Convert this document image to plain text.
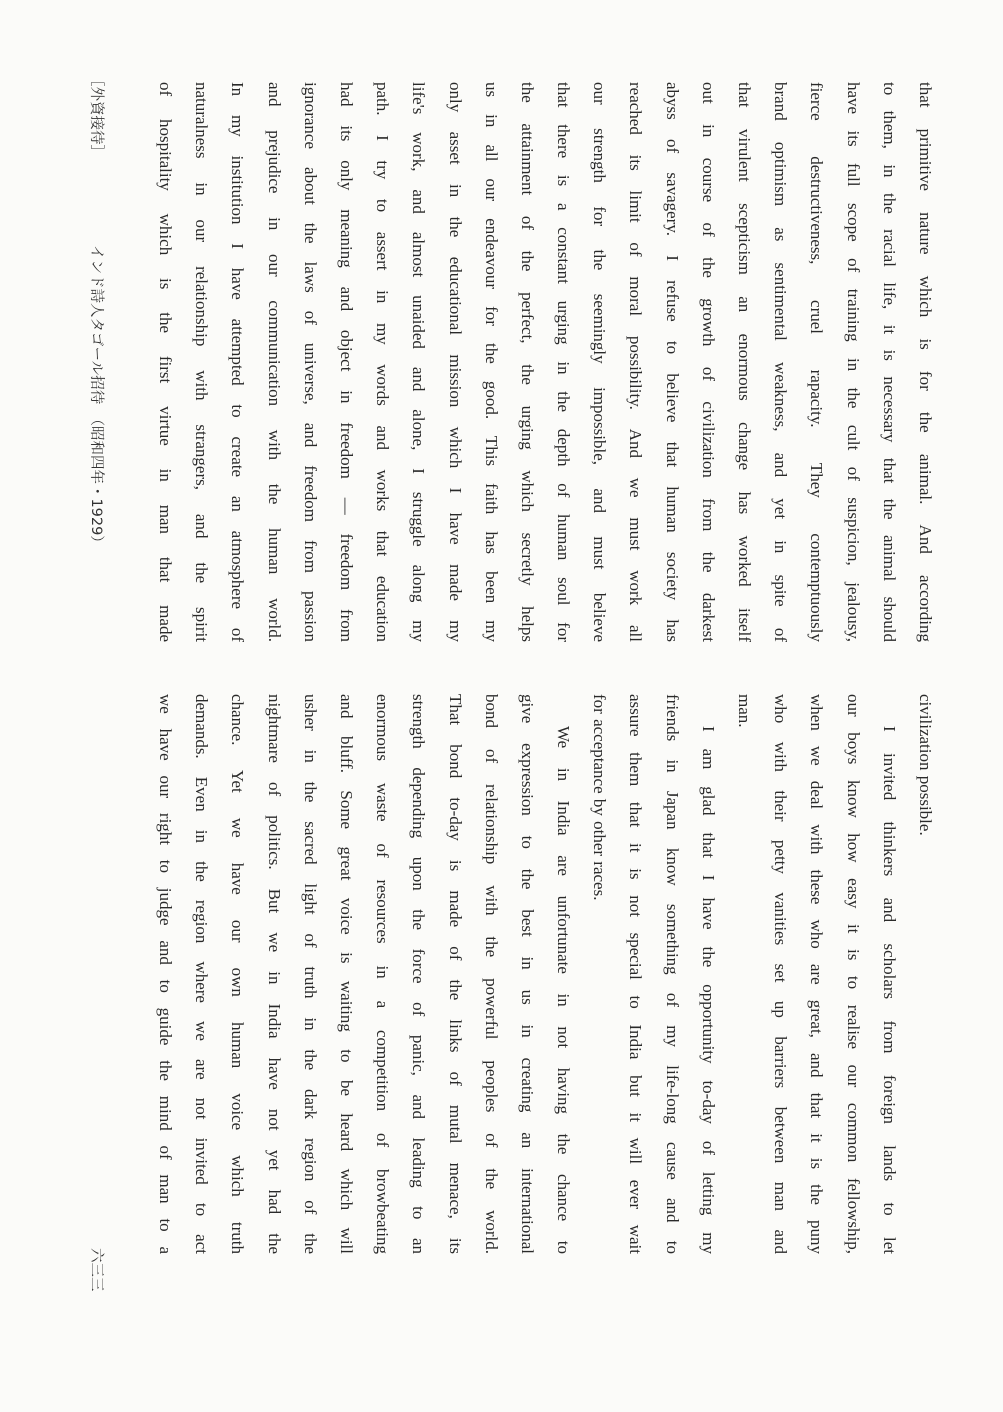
that primitive nature which is for the animal. And according
to them, in the racial life, it is necessary that the animal should
have its full scope of training in the cult of suspicion, jealousy,
fierce destructiveness, cruel rapacity. They contemptuously
brand optimism as sentimental weakness, and yet in spite of
that virulent scepticism an enormous change has worked itself
out in course of the growth of civilization from the darkest
abyss of savagery. I refuse to believe that human society has
reached its limit of moral possibility. And we must work all
our strength for the seemingly impossible, and must believe
that there is a constant urging in the depth of human soul for
the attainment of the perfect, the urging which secretly helps
us in all our endeavour for the good. This faith has been my
only asset in the educational mission which I have made my
life's work, and almost unaided and alone, I struggle along my
path. I try to assert in my words and works that education
had its only meaning and object in freedom — freedom from
ignorance about the laws of universe, and freedom from passion
and prejudice in our communication with the human world.
In my institution I have attempted to create an atmosphere of
naturalness in our relationship with strangers, and the spirit
of hospitality which is the first virtue in man that made
civilization possible.
I invited thinkers and scholars from foreign lands to let
our boys know how easy it is to realise our common fellowship,
when we deal with these who are great, and that it is the puny
who with their petty vanities set up barriers between man and
man.
I am glad that I have the opportunity to-day of letting my
friends in Japan know something of my life-long cause and to
assure them that it is not special to India but it will ever wait
for acceptance by other races.
We in India are unfortunate in not having the chance to
give expression to the best in us in creating an international
bond of relationship with the powerful peoples of the world.
That bond to-day is made of the links of mutal menace, its
strength depending upon the force of panic, and leading to an
enormous waste of resources in a competition of browbeating
and bluff. Some great voice is waiting to be heard which will
usher in the sacred light of truth in the dark region of the
nightmare of politics. But we in India have not yet had the
chance. Yet we have our own human voice which truth
demands. Even in the region where we are not invited to act
we have our right to judge and to guide the mind of man to a
［外資接待］
インド詩人タゴール招待　（昭和四年・1929）
六三三
